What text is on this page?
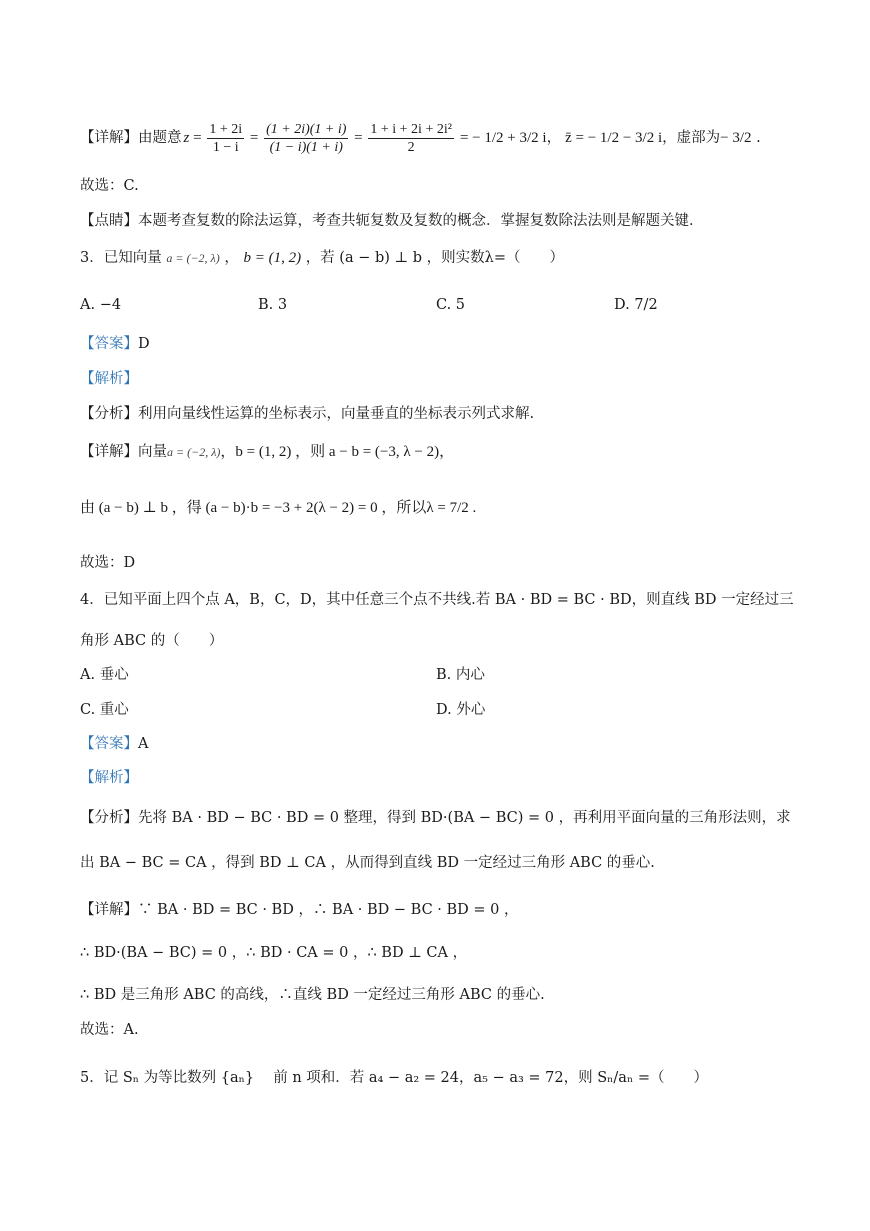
【详解】 由题意 $z = \frac{1 + 2i}{1 - i} = \frac{(1 + 2i)(1 + i)}{(1 - i)(1 + i)} = \frac{\text{1 + i + 2i + 2i²}}{2}$ = − 1/2 + 3/2 i ， z̄ = − 1/2 − 3/2 i ， 虚部为 − 3/2 .
故选：C.
【点睛】本题考查复数的除法运算，考查共轭复数及复数的概念．掌握复数除法法则是解题关键．
3．已知向量 a = (−2, λ) ， b = (1, 2) ，若 (a − b) ⊥ b ，则实数λ=（　　）
A. −4	B. 3	C. 5	D. 7/2
【答案】D
【解析】
【分析】利用向量线性运算的坐标表示，向量垂直的坐标表示列式求解.
【详解】向量a = (−2, λ)，b = (1, 2) ，则 a − b = (−3, λ − 2)，
由 (a − b) ⊥ b ，得 (a − b)·b = −3 + 2(λ − 2) = 0 ，所以λ = 7/2 .
故选：D
4．已知平面上四个点 A，B，C，D，其中任意三个点不共线.若 BA · BD = BC · BD，则直线 BD 一定经过三
角形 ABC 的（　　）
A. 垂心	B. 内心
C. 重心	D. 外心
【答案】A
【解析】
【分析】先将 BA · BD − BC · BD = 0 整理，得到 BD·(BA − BC) = 0 ，再利用平面向量的三角形法则，求
出 BA − BC = CA ，得到 BD ⊥ CA ，从而得到直线 BD 一定经过三角形 ABC 的垂心.
【详解】∵ BA · BD = BC · BD ，∴ BA · BD − BC · BD = 0 ，
∴ BD·(BA − BC) = 0 ，∴ BD · CA = 0 ，∴ BD ⊥ CA ，
∴ BD 是三角形 ABC 的高线，∴直线 BD 一定经过三角形 ABC 的垂心.
故选：A.
5．记 Sₙ 为等比数列 {aₙ} 　前 n 项和．若 a₄ − a₂ = 24，a₅ − a₃ = 72，则 Sₙ/aₙ =（　　）
